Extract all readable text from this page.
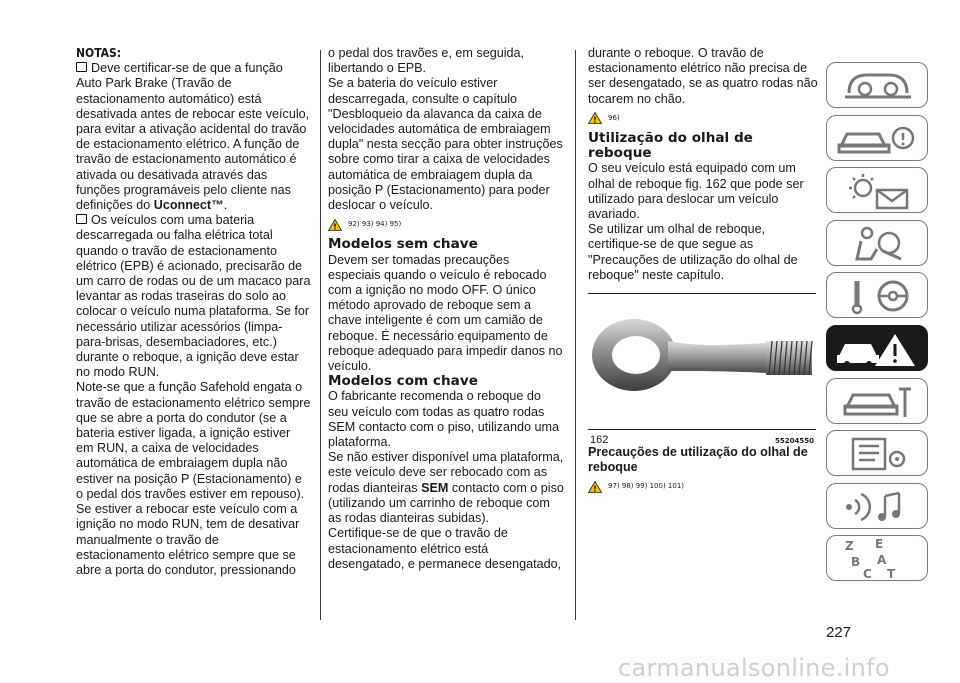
NOTAS:

Deve certificar-se de que a função Auto Park Brake (Travão de estacionamento automático) está desativada antes de rebocar este veículo, para evitar a ativação acidental do travão de estacionamento elétrico. A função de travão de estacionamento automático é ativada ou desativada através das funções programáveis pelo cliente nas definições do Uconnect™.

Os veículos com uma bateria descarregada ou falha elétrica total quando o travão de estacionamento elétrico (EPB) é acionado, precisarão de um carro de rodas ou de um macaco para levantar as rodas traseiras do solo ao colocar o veículo numa plataforma. Se for necessário utilizar acessórios (limpa-para-brisas, desembaciadores, etc.) durante o reboque, a ignição deve estar no modo RUN.

Note-se que a função Safehold engata o travão de estacionamento elétrico sempre que se abre a porta do condutor (se a bateria estiver ligada, a ignição estiver em RUN, a caixa de velocidades automática de embraiagem dupla não estiver na posição P (Estacionamento) e o pedal dos travões estiver em repouso). Se estiver a rebocar este veículo com a ignição no modo RUN, tem de desativar manualmente o travão de estacionamento elétrico sempre que se abre a porta do condutor, pressionando

o pedal dos travões e, em seguida, libertando o EPB.

Se a bateria do veículo estiver descarregada, consulte o capítulo "Desbloqueio da alavanca da caixa de velocidades automática de embraiagem dupla" nesta secção para obter instruções sobre como tirar a caixa de velocidades automática de embraiagem dupla da posição P (Estacionamento) para poder deslocar o veículo.

! 92) 93) 94) 95)

Modelos sem chave

Devem ser tomadas precauções especiais quando o veículo é rebocado com a ignição no modo OFF. O único método aprovado de reboque sem a chave inteligente é com um camião de reboque. É necessário equipamento de reboque adequado para impedir danos no veículo.

Modelos com chave

O fabricante recomenda o reboque do seu veículo com todas as quatro rodas SEM contacto com o piso, utilizando uma plataforma.

Se não estiver disponível uma plataforma, este veículo deve ser rebocado com as rodas dianteiras SEM contacto com o piso (utilizando um carrinho de reboque com as rodas dianteiras subidas).

Certifique-se de que o travão de estacionamento elétrico está desengatado, e permanece desengatado,

durante o reboque. O travão de estacionamento elétrico não precisa de ser desengatado, se as quatro rodas não tocarem no chão.

! 96)

Utilização do olhal de reboque

O seu veículo está equipado com um olhal de reboque fig. 162 que pode ser utilizado para deslocar um veículo avariado.

Se utilizar um olhal de reboque, certifique-se de que segue as "Precauções de utilização do olhal de reboque" neste capítulo.

162	55204550

Precauções de utilização do olhal de reboque

! 97) 98) 99) 100) 101)
Z E
B A
C T
227
carmanualsonline.info
